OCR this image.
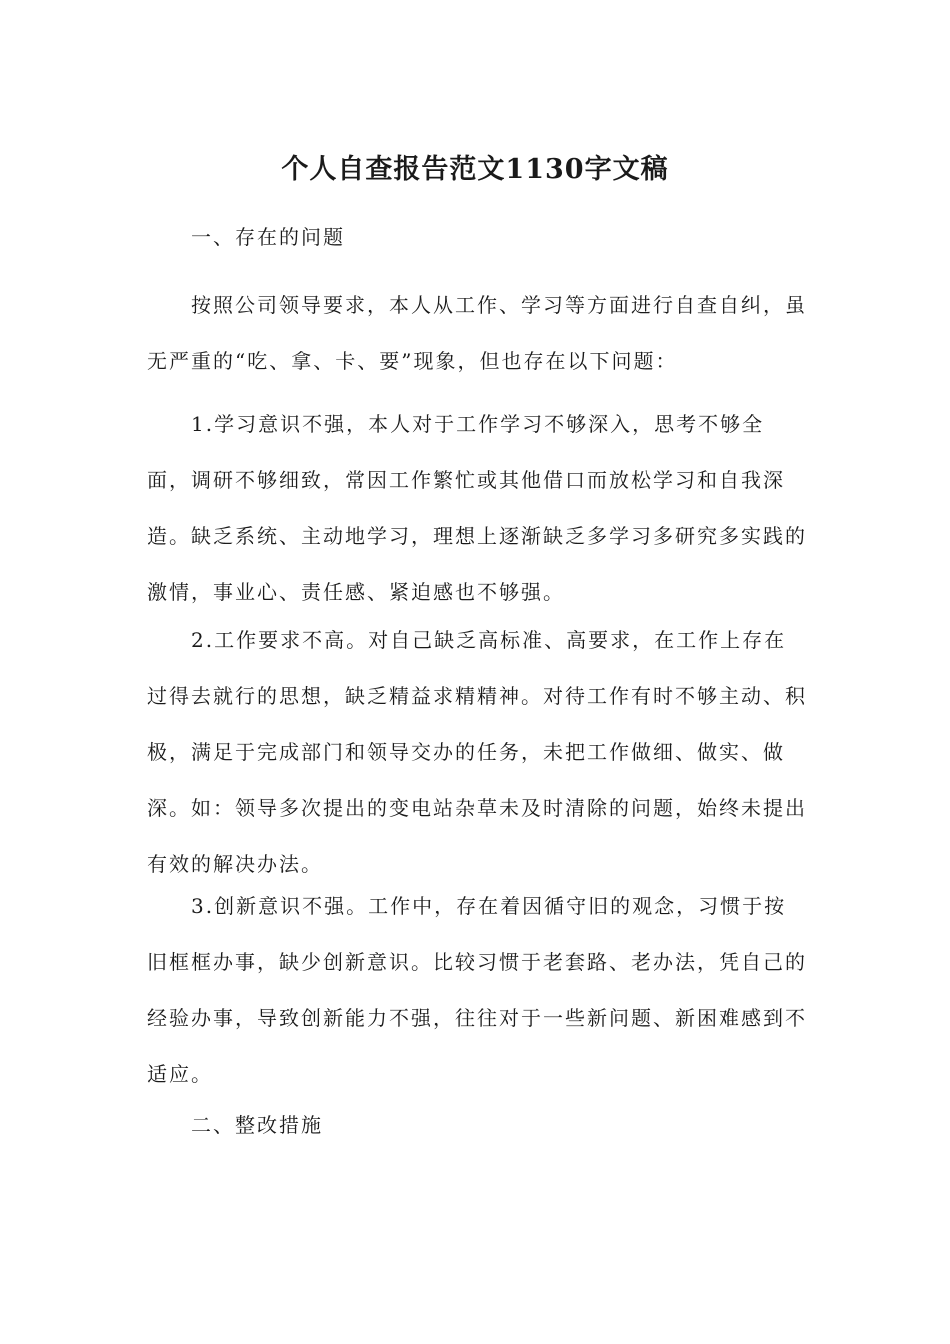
个人自查报告范文1130字文稿

一、存在的问题

按照公司领导要求，本人从工作、学习等方面进行自查自纠，虽无严重的“吃、拿、卡、要”现象，但也存在以下问题：

1.学习意识不强，本人对于工作学习不够深入，思考不够全面，调研不够细致，常因工作繁忙或其他借口而放松学习和自我深造。缺乏系统、主动地学习，理想上逐渐缺乏多学习多研究多实践的激情，事业心、责任感、紧迫感也不够强。

2.工作要求不高。对自己缺乏高标准、高要求，在工作上存在过得去就行的思想，缺乏精益求精精神。对待工作有时不够主动、积极，满足于完成部门和领导交办的任务，未把工作做细、做实、做深。如：领导多次提出的变电站杂草未及时清除的问题，始终未提出有效的解决办法。

3.创新意识不强。工作中，存在着因循守旧的观念，习惯于按旧框框办事，缺少创新意识。比较习惯于老套路、老办法，凭自己的经验办事，导致创新能力不强，往往对于一些新问题、新困难感到不适应。

二、整改措施
